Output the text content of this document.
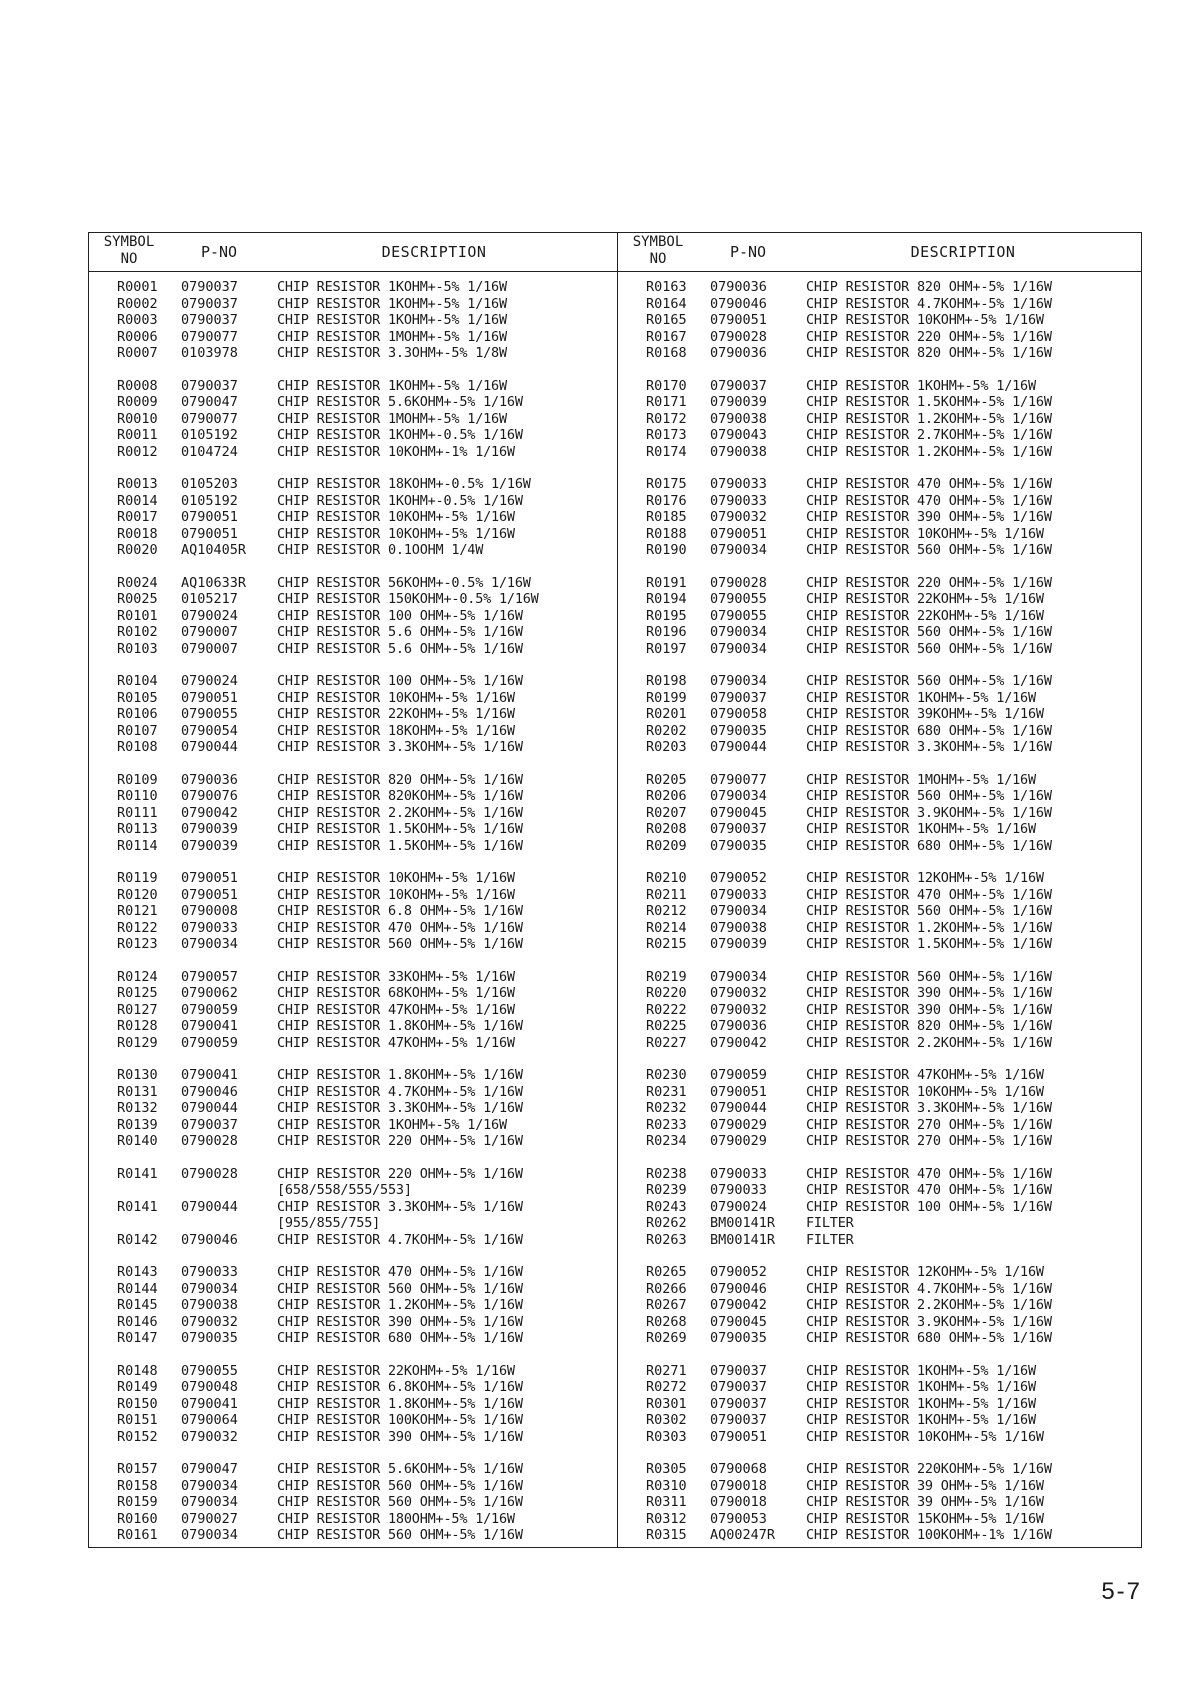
SYMBOL
NO	P-NO	DESCRIPTION
R0001 0790037	CHIP RESISTOR 1KOHM+-5% 1/16W
R0002 0790037	CHIP RESISTOR 1KOHM+-5% 1/16W
R0003 0790037	CHIP RESISTOR 1KOHM+-5% 1/16W
R0006 0790077	CHIP RESISTOR 1MOHM+-5% 1/16W
R0007 0103978	CHIP RESISTOR 3.3OHM+-5% 1/8W
R0008 0790037	CHIP RESISTOR 1KOHM+-5% 1/16W
R0009 0790047	CHIP RESISTOR 5.6KOHM+-5% 1/16W
R0010 0790077	CHIP RESISTOR 1MOHM+-5% 1/16W
R0011 0105192	CHIP RESISTOR 1KOHM+-0.5% 1/16W
R0012 0104724	CHIP RESISTOR 10KOHM+-1% 1/16W
R0013 0105203	CHIP RESISTOR 18KOHM+-0.5% 1/16W
R0014 0105192	CHIP RESISTOR 1KOHM+-0.5% 1/16W
R0017 0790051	CHIP RESISTOR 10KOHM+-5% 1/16W
R0018 0790051	CHIP RESISTOR 10KOHM+-5% 1/16W
R0020 AQ10405R CHIP RESISTOR 0.1OOHM 1/4W
R0024 AQ10633R CHIP RESISTOR 56KOHM+-0.5% 1/16W
R0025 0105217	CHIP RESISTOR 150KOHM+-0.5% 1/16W
R0101 0790024	CHIP RESISTOR 100 OHM+-5% 1/16W
R0102 0790007	CHIP RESISTOR 5.6 OHM+-5% 1/16W
R0103 0790007	CHIP RESISTOR 5.6 OHM+-5% 1/16W
R0104 0790024	CHIP RESISTOR 100 OHM+-5% 1/16W
R0105 0790051	CHIP RESISTOR 10KOHM+-5% 1/16W
R0106 0790055	CHIP RESISTOR 22KOHM+-5% 1/16W
R0107 0790054	CHIP RESISTOR 18KOHM+-5% 1/16W
R0108 0790044	CHIP RESISTOR 3.3KOHM+-5% 1/16W
R0109 0790036	CHIP RESISTOR 820 OHM+-5% 1/16W
R0110 0790076	CHIP RESISTOR 820KOHM+-5% 1/16W
R0111 0790042	CHIP RESISTOR 2.2KOHM+-5% 1/16W
R0113 0790039	CHIP RESISTOR 1.5KOHM+-5% 1/16W
R0114 0790039	CHIP RESISTOR 1.5KOHM+-5% 1/16W
R0119 0790051	CHIP RESISTOR 10KOHM+-5% 1/16W
R0120 0790051	CHIP RESISTOR 10KOHM+-5% 1/16W
R0121 0790008	CHIP RESISTOR 6.8 OHM+-5% 1/16W
R0122 0790033	CHIP RESISTOR 470 OHM+-5% 1/16W
R0123 0790034	CHIP RESISTOR 560 OHM+-5% 1/16W
R0124 0790057	CHIP RESISTOR 33KOHM+-5% 1/16W
R0125 0790062	CHIP RESISTOR 68KOHM+-5% 1/16W
R0127 0790059	CHIP RESISTOR 47KOHM+-5% 1/16W
R0128 0790041	CHIP RESISTOR 1.8KOHM+-5% 1/16W
R0129 0790059	CHIP RESISTOR 47KOHM+-5% 1/16W
R0130 0790041	CHIP RESISTOR 1.8KOHM+-5% 1/16W
R0131 0790046	CHIP RESISTOR 4.7KOHM+-5% 1/16W
R0132 0790044	CHIP RESISTOR 3.3KOHM+-5% 1/16W
R0139 0790037	CHIP RESISTOR 1KOHM+-5% 1/16W
R0140 0790028	CHIP RESISTOR 220 OHM+-5% 1/16W
R0141 0790028	CHIP RESISTOR 220 OHM+-5% 1/16W
[658/558/555/553]
R0141 0790044	CHIP RESISTOR 3.3KOHM+-5% 1/16W
[955/855/755]
R0142 0790046	CHIP RESISTOR 4.7KOHM+-5% 1/16W
R0143 0790033	CHIP RESISTOR 470 OHM+-5% 1/16W
R0144 0790034	CHIP RESISTOR 560 OHM+-5% 1/16W
R0145 0790038	CHIP RESISTOR 1.2KOHM+-5% 1/16W
R0146 0790032	CHIP RESISTOR 390 OHM+-5% 1/16W
R0147 0790035	CHIP RESISTOR 680 OHM+-5% 1/16W
R0148 0790055	CHIP RESISTOR 22KOHM+-5% 1/16W
R0149 0790048	CHIP RESISTOR 6.8KOHM+-5% 1/16W
R0150 0790041	CHIP RESISTOR 1.8KOHM+-5% 1/16W
R0151 0790064	CHIP RESISTOR 100KOHM+-5% 1/16W
R0152 0790032	CHIP RESISTOR 390 OHM+-5% 1/16W
R0157 0790047	CHIP RESISTOR 5.6KOHM+-5% 1/16W
R0158 0790034	CHIP RESISTOR 560 OHM+-5% 1/16W
R0159 0790034	CHIP RESISTOR 560 OHM+-5% 1/16W
R0160 0790027	CHIP RESISTOR 180OHM+-5% 1/16W
R0161 0790034	CHIP RESISTOR 560 OHM+-5% 1/16W
SYMBOL
NO	P-NO	DESCRIPTION
R0163 0790036	CHIP RESISTOR 820 OHM+-5% 1/16W
R0164 0790046	CHIP RESISTOR 4.7KOHM+-5% 1/16W
R0165 0790051	CHIP RESISTOR 10KOHM+-5% 1/16W
R0167 0790028	CHIP RESISTOR 220 OHM+-5% 1/16W
R0168 0790036	CHIP RESISTOR 820 OHM+-5% 1/16W
R0170 0790037	CHIP RESISTOR 1KOHM+-5% 1/16W
R0171 0790039	CHIP RESISTOR 1.5KOHM+-5% 1/16W
R0172 0790038	CHIP RESISTOR 1.2KOHM+-5% 1/16W
R0173 0790043	CHIP RESISTOR 2.7KOHM+-5% 1/16W
R0174 0790038	CHIP RESISTOR 1.2KOHM+-5% 1/16W
R0175 0790033	CHIP RESISTOR 470 OHM+-5% 1/16W
R0176 0790033	CHIP RESISTOR 470 OHM+-5% 1/16W
R0185 0790032	CHIP RESISTOR 390 OHM+-5% 1/16W
R0188 0790051	CHIP RESISTOR 10KOHM+-5% 1/16W
R0190 0790034	CHIP RESISTOR 560 OHM+-5% 1/16W
R0191 0790028	CHIP RESISTOR 220 OHM+-5% 1/16W
R0194 0790055	CHIP RESISTOR 22KOHM+-5% 1/16W
R0195 0790055	CHIP RESISTOR 22KOHM+-5% 1/16W
R0196 0790034	CHIP RESISTOR 560 OHM+-5% 1/16W
R0197 0790034	CHIP RESISTOR 560 OHM+-5% 1/16W
R0198 0790034	CHIP RESISTOR 560 OHM+-5% 1/16W
R0199 0790037	CHIP RESISTOR 1KOHM+-5% 1/16W
R0201 0790058	CHIP RESISTOR 39KOHM+-5% 1/16W
R0202 0790035	CHIP RESISTOR 680 OHM+-5% 1/16W
R0203 0790044	CHIP RESISTOR 3.3KOHM+-5% 1/16W
R0205 0790077	CHIP RESISTOR 1MOHM+-5% 1/16W
R0206 0790034	CHIP RESISTOR 560 OHM+-5% 1/16W
R0207 0790045	CHIP RESISTOR 3.9KOHM+-5% 1/16W
R0208 0790037	CHIP RESISTOR 1KOHM+-5% 1/16W
R0209 0790035	CHIP RESISTOR 680 OHM+-5% 1/16W
R0210 0790052	CHIP RESISTOR 12KOHM+-5% 1/16W
R0211 0790033	CHIP RESISTOR 470 OHM+-5% 1/16W
R0212 0790034	CHIP RESISTOR 560 OHM+-5% 1/16W
R0214 0790038	CHIP RESISTOR 1.2KOHM+-5% 1/16W
R0215 0790039	CHIP RESISTOR 1.5KOHM+-5% 1/16W
R0219 0790034	CHIP RESISTOR 560 OHM+-5% 1/16W
R0220 0790032	CHIP RESISTOR 390 OHM+-5% 1/16W
R0222 0790032	CHIP RESISTOR 390 OHM+-5% 1/16W
R0225 0790036	CHIP RESISTOR 820 OHM+-5% 1/16W
R0227 0790042	CHIP RESISTOR 2.2KOHM+-5% 1/16W
R0230 0790059	CHIP RESISTOR 47KOHM+-5% 1/16W
R0231 0790051	CHIP RESISTOR 10KOHM+-5% 1/16W
R0232 0790044	CHIP RESISTOR 3.3KOHM+-5% 1/16W
R0233 0790029	CHIP RESISTOR 270 OHM+-5% 1/16W
R0234 0790029	CHIP RESISTOR 270 OHM+-5% 1/16W
R0238 0790033	CHIP RESISTOR 470 OHM+-5% 1/16W
R0239 0790033	CHIP RESISTOR 470 OHM+-5% 1/16W
R0243 0790024	CHIP RESISTOR 100 OHM+-5% 1/16W
R0262 BM00141R FILTER
R0263 BM00141R FILTER
R0265 0790052	CHIP RESISTOR 12KOHM+-5% 1/16W
R0266 0790046	CHIP RESISTOR 4.7KOHM+-5% 1/16W
R0267 0790042	CHIP RESISTOR 2.2KOHM+-5% 1/16W
R0268 0790045	CHIP RESISTOR 3.9KOHM+-5% 1/16W
R0269 0790035	CHIP RESISTOR 680 OHM+-5% 1/16W
R0271 0790037	CHIP RESISTOR 1KOHM+-5% 1/16W
R0272 0790037	CHIP RESISTOR 1KOHM+-5% 1/16W
R0301 0790037	CHIP RESISTOR 1KOHM+-5% 1/16W
R0302 0790037	CHIP RESISTOR 1KOHM+-5% 1/16W
R0303 0790051	CHIP RESISTOR 10KOHM+-5% 1/16W
R0305 0790068	CHIP RESISTOR 220KOHM+-5% 1/16W
R0310 0790018	CHIP RESISTOR 39 OHM+-5% 1/16W
R0311 0790018	CHIP RESISTOR 39 OHM+-5% 1/16W
R0312 0790053	CHIP RESISTOR 15KOHM+-5% 1/16W
R0315 AQ00247R CHIP RESISTOR 100KOHM+-1% 1/16W
5-7
